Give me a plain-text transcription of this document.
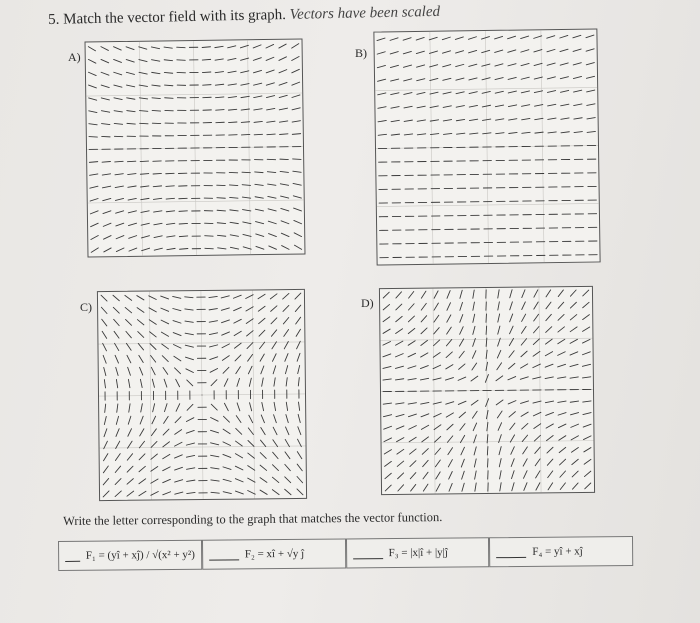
5. Match the vector field with its graph. Vectors have been scaled
A)	B)
C)	D)
Write the letter corresponding to the graph that matches the vector function.
F₁ = (yî + xĵ) / √(x² + y²)	F₂ = xî + √y ĵ	F₃ = |x|î + |y|ĵ	F₄ = yî + xĵ
